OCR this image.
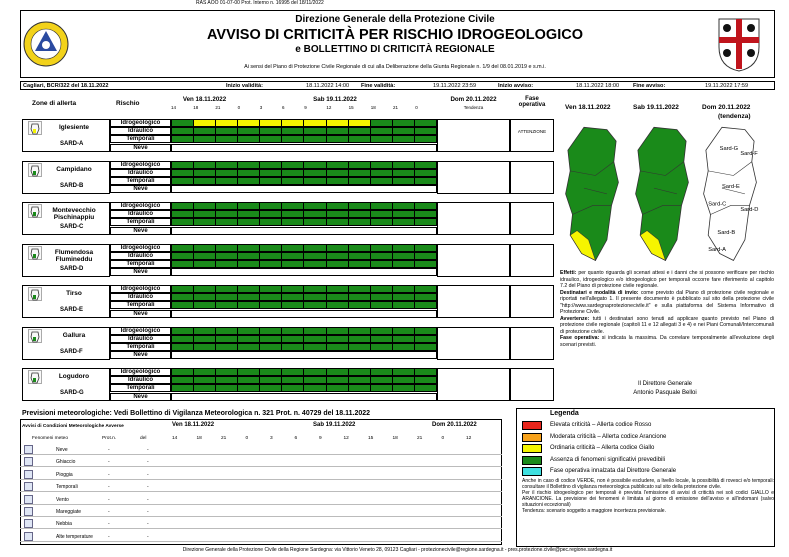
RAS AOO 01-07-00 Prot. Interno n. 16995 del 18/11/2022
Direzione Generale della Protezione Civile
AVVISO DI CRITICITÀ PER RISCHIO IDROGEOLOGICO
e BOLLETTINO DI CRITICITÀ REGIONALE
Ai sensi del Piano di Protezione Civile Regionale di cui alla Deliberazione della Giunta Regionale n. 1/9 del 08.01.2019 e s.m.i.
Cagliari, BCR/322 del 18.11.2022	Inizio validità:	18.11.2022 14:00 Fine validità:	19.11.2022 23:59	Inizio avviso:	18.11.2022 18:00 Fine avviso:	19.11.2022 17:59
Zone di allerta	Rischio
Ven 18.11.2022	Sab 19.11.2022	Dom 20.11.2022
Tendenza
Fase operativa
14	18	21	0	3	6	9	12	15	18	21	0
Iglesiente
SARD-A
Idrogeologico
Idraulico
Temporali
Neve
ATTENZIONE
Campidano
SARD-B
Idrogeologico
Idraulico
Temporali
Neve
Montevecchio Pischinappiu
SARD-C
Idrogeologico
Idraulico
Temporali
Neve
Flumendosa Flumineddu
SARD-D
Idrogeologico
Idraulico
Temporali
Neve
Tirso
SARD-E
Idrogeologico
Idraulico
Temporali
Neve
Gallura
SARD-F
Idrogeologico
Idraulico
Temporali
Neve
Logudoro
SARD-G
Idrogeologico
Idraulico
Temporali
Neve
Ven 18.11.2022	Sab 19.11.2022	Dom 20.11.2022
(tendenza)
Sard-G
Sard-F
Sard-E
Sard-C
Sard-D
Sard-B
Sard-A

Effetti: per quanto riguarda gli scenari attesi e i danni che si possono verificare per rischio idraulico, idrogeologico e/o idrogeologico per temporali occorre fare riferimento al capitolo 7.2 del Piano di protezione civile regionale.

Destinatari e modalità di invio: come previsto dal Piano di protezione civile regionale e riportati nell'allegato 1. Il presente documento è pubblicato sul sito della protezione civile "http://www.sardegnaprotezionecivile.it" e sulla piattaforma del Sistema Informativo di Protezione Civile.

Avvertenze: tutti i destinatari sono tenuti ad applicare quanto previsto nel Piano di protezione civile regionale (capitoli 11 e 12 allegati 3 e 4) e nei Piani Comunali/Intercomunali di protezione civile.

Fase operativa: si indicata la massima. Da correlare temporalmente all'evoluzione degli scenari previsti.

Il Direttore Generale
Antonio Pasquale Belloi
Previsioni meteorologiche: Vedi Bollettino di Vigilanza Meteorologica n. 321 Prot. n. 40729 del 18.11.2022
Avvisi di Condizioni Meteorologiche Avverse	Ven 18.11.2022	Sab 19.11.2022	Dom 20.11.2022
Fenomeni meteo	Prot.n.	del	14	18	21	0	3	6	9	12	15	18	21	0	12
Neve	-	-
Ghiaccio	-	-
Pioggia	-	-
Temporali	-	-
Vento	-	-
Mareggiate	-	-
Nebbia	-	-
Alte temperature	-	-
Legenda
Elevata criticità – Allerta codice Rosso
Moderata criticità – Allerta codice Arancione
Ordinaria criticità – Allerta codice Giallo
Assenza di fenomeni significativi prevedibili
Fase operativa innalzata dal Direttore Generale

Anche in caso di codice VERDE, non è possibile escludere, a livello locale, la possibilità di rovesci e/o temporali: consultare il Bollettino di vigilanza meteorologica pubblicato sul sito della protezione civile.

Per il rischio idrogeologico per temporali è prevista l'emissione di avvisi di criticità nei soli codici GIALLO e ARANCIONE. La previsione dei fenomeni è limitata al giorno di emissione dell'avviso e all'indomani (salvo situazioni eccezionali)

Tendenza: scenario soggetto a maggiore incertezza previsionale.

Direzione Generale della Protezione Civile della Regione Sardegna: via Vittorio Veneto 28, 09123 Cagliari - protezionecivile@regione.sardegna.it - pres.protezione.civile@pec.regione.sardegna.it
